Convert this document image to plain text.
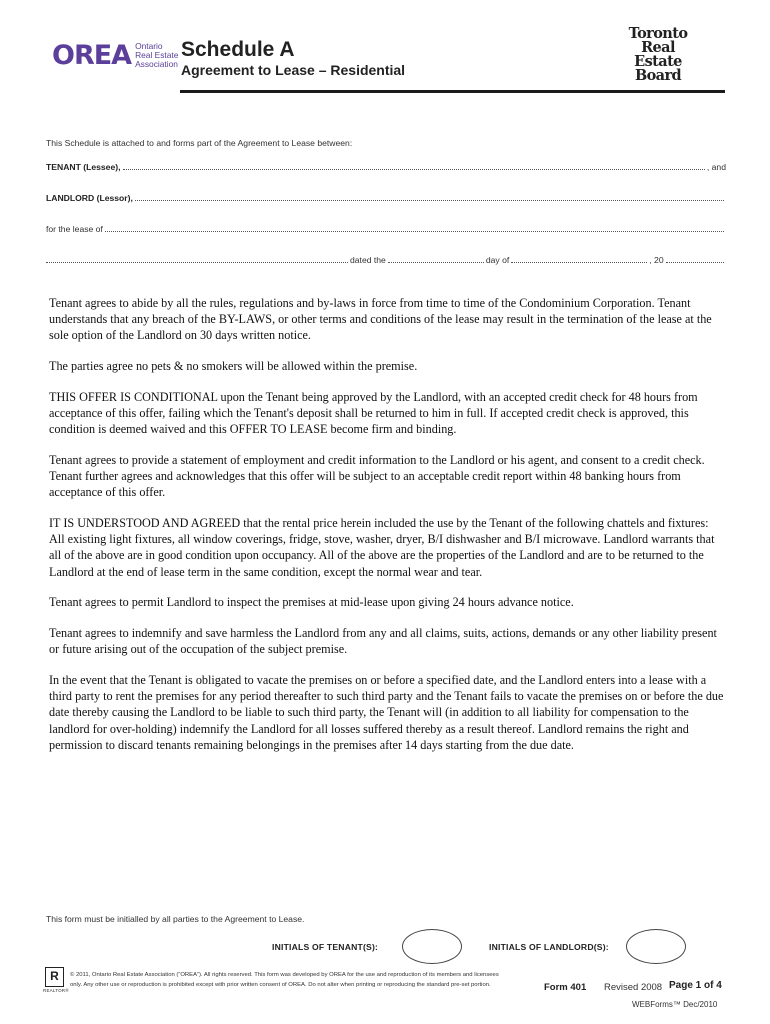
OREA Ontario
Real Estate
Association
Schedule A
Agreement to Lease – Residential
Toronto
Real Estate
Board
This Schedule is attached to and forms part of the Agreement to Lease between:
TENANT (Lessee),	, and
LANDLORD (Lessor),
for the lease of
dated the	day of	, 20

Tenant agrees to abide by all the rules, regulations and by-laws in force from time to time of the Condominium Corporation. Tenant understands that any breach of the BY-LAWS, or other terms and conditions of the lease may result in the termination of the lease at the sole option of the Landlord on 30 days written notice.

The parties agree no pets & no smokers will be allowed within the premise.

THIS OFFER IS CONDITIONAL upon the Tenant being approved by the Landlord, with an accepted credit check for 48 hours from acceptance of this offer, failing which the Tenant's deposit shall be returned to him in full. If accepted credit check is approved, this condition is deemed waived and this OFFER TO LEASE become firm and binding.

Tenant agrees to provide a statement of employment and credit information to the Landlord or his agent, and consent to a credit check. Tenant further agrees and acknowledges that this offer will be subject to an acceptable credit report within 48 banking hours from acceptance of this offer.

IT IS UNDERSTOOD AND AGREED that the rental price herein included the use by the Tenant of the following chattels and fixtures: All existing light fixtures, all window coverings, fridge, stove, washer, dryer, B/I dishwasher and B/I microwave. Landlord warrants that all of the above are in good condition upon occupancy. All of the above are the properties of the Landlord and are to be returned to the Landlord at the end of lease term in the same condition, except the normal wear and tear.

Tenant agrees to permit Landlord to inspect the premises at mid-lease upon giving 24 hours advance notice.

Tenant agrees to indemnify and save harmless the Landlord from any and all claims, suits, actions, demands or any other liability present or future arising out of the occupation of the subject premise.

In the event that the Tenant is obligated to vacate the premises on or before a specified date, and the Landlord enters into a lease with a third party to rent the premises for any period thereafter to such third party and the Tenant fails to vacate the premises on or before the due date thereby causing the Landlord to be liable to such third party, the Tenant will (in addition to all liability for compensation to the landlord for over-holding) indemnify the Landlord for all losses suffered thereby as a result thereof. Landlord remains the right and permission to discard tenants remaining belongings in the premises after 14 days starting from the due date.

This form must be initialled by all parties to the Agreement to Lease.
INITIALS OF TENANT(S):	INITIALS OF LANDLORD(S):
R
REALTOR®
© 2011, Ontario Real Estate Association (“OREA”). All rights reserved. This form was developed by OREA for the use and reproduction of its members and licensees
only. Any other use or reproduction is prohibited except with prior written consent of OREA. Do not alter when printing or reproducing the standard pre-set portion.	Form 401 Revised 2008 Page 1 of 4
WEBForms™ Dec/2010
